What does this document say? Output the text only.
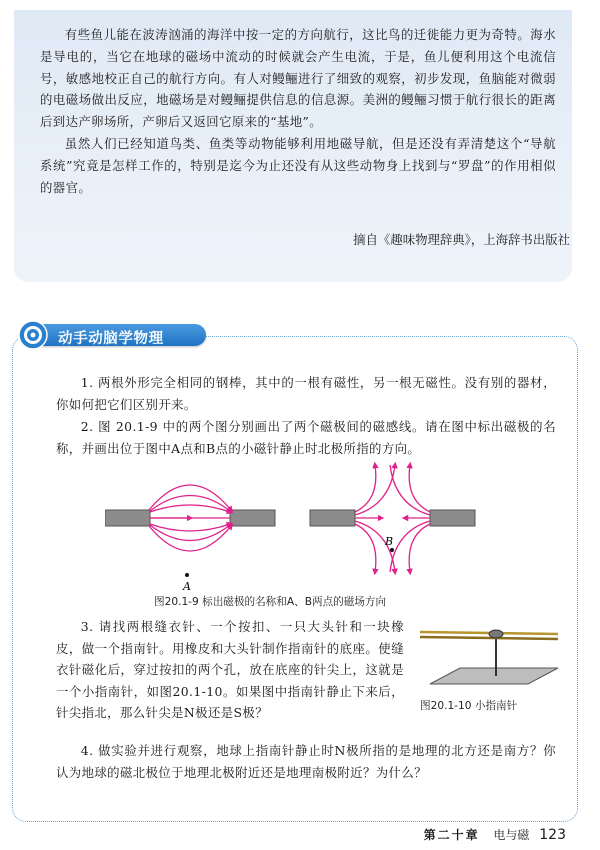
有些鱼儿能在波涛汹涌的海洋中按一定的方向航行，这比鸟的迁徙能力更为奇特。海水是导电的，当它在地球的磁场中流动的时候就会产生电流，于是，鱼儿便利用这个电流信号，敏感地校正自己的航行方向。有人对鳗鲡进行了细致的观察，初步发现，鱼脑能对微弱的电磁场做出反应，地磁场是对鳗鲡提供信息的信息源。美洲的鳗鲡习惯于航行很长的距离后到达产卵场所，产卵后又返回它原来的“基地”。

虽然人们已经知道鸟类、鱼类等动物能够利用地磁导航，但是还没有弄清楚这个“导航系统”究竟是怎样工作的，特别是迄今为止还没有从这些动物身上找到与“罗盘”的作用相似的器官。

摘自《趣味物理辞典》，上海辞书出版社
动手动脑学物理

1. 两根外形完全相同的钢棒，其中的一根有磁性，另一根无磁性。没有别的器材，你如何把它们区别开来。

2. 图 20.1-9 中的两个图分别画出了两个磁极间的磁感线。请在图中标出磁极的名称，并画出位于图中A点和B点的小磁针静止时北极所指的方向。

A
B
图20.1-9 标出磁极的名称和A、B两点的磁场方向

3. 请找两根缝衣针、一个按扣、一只大头针和一块橡皮，做一个指南针。用橡皮和大头针制作指南针的底座。使缝衣针磁化后，穿过按扣的两个孔，放在底座的针尖上，这就是一个小指南针，如图20.1-10。如果图中指南针静止下来后，针尖指北，那么针尖是N极还是S极？	图20.1-10 小指南针

4. 做实验并进行观察，地球上指南针静止时N极所指的是地理的北方还是南方？你认为地球的磁北极位于地理北极附近还是地理南极附近？为什么？

第二十章 电与磁 123
